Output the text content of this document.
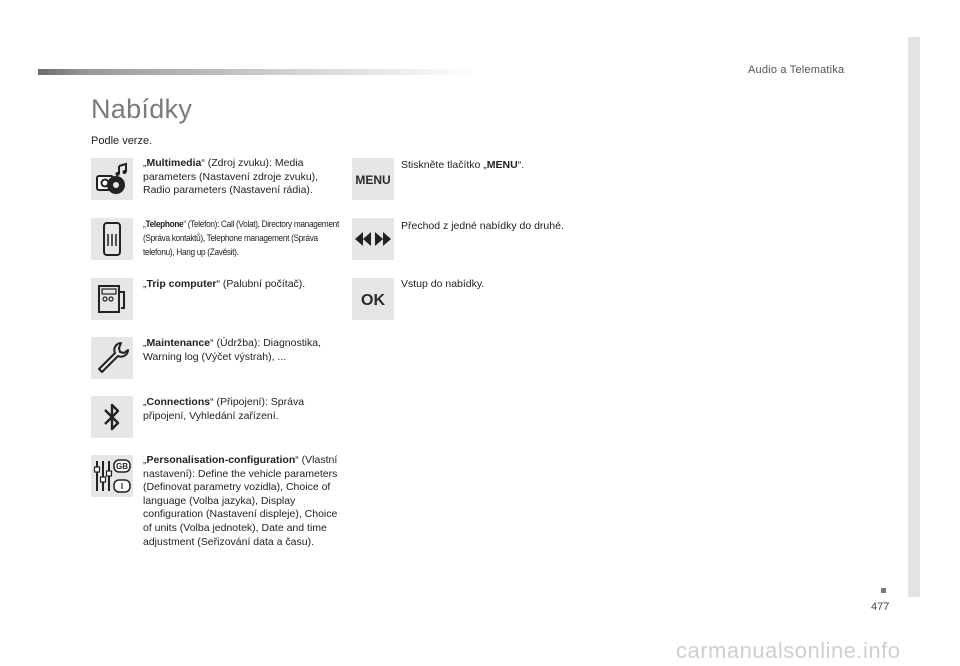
Audio a Telematika
477
Nabídky
Podle verze.
„Multimedia“ (Zdroj zvuku): Media parameters (Nastavení zdroje zvuku), Radio parameters (Nastavení rádia).
„Telephone“ (Telefon): Call (Volat), Directory management (Správa kontaktů), Telephone management (Správa telefonu), Hang up (Zavěsit).
„Trip computer“ (Palubní počítač).
„Maintenance“ (Údržba): Diagnostika, Warning log (Výčet výstrah), ...
„Connections“ (Připojení): Správa připojení, Vyhledání zařízení.
GB
I
„Personalisation-configuration“ (Vlastní nastavení): Define the vehicle parameters (Definovat parametry vozidla), Choice of language (Volba jazyka), Display configuration (Nastavení displeje), Choice of units (Volba jednotek), Date and time adjustment (Seřizování data a času).
MENU
Stiskněte tlačítko „MENU“.
Přechod z jedné nabídky do druhé.
OK
Vstup do nabídky.
carmanualsonline.info
